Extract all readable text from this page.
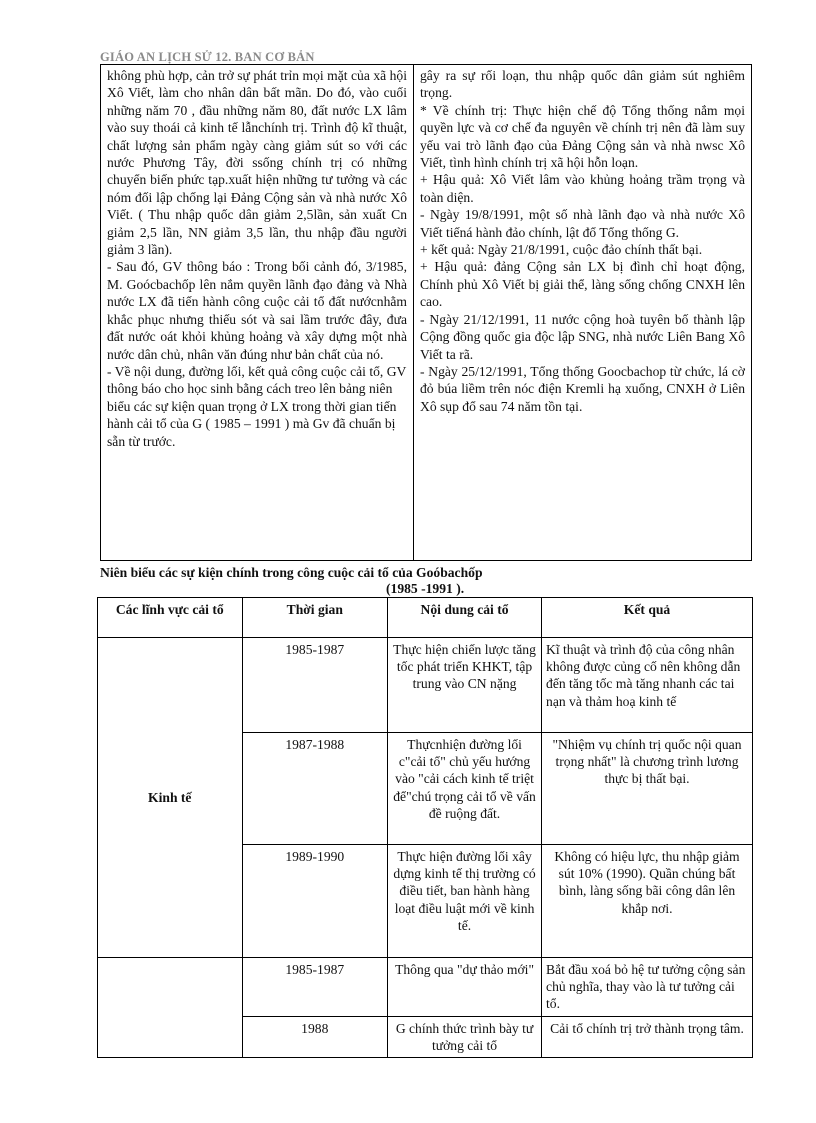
GIÁO AN LỊCH SỬ 12. BAN CƠ BẢN

không phù hợp, cản trở sự phát trỉn mọi mặt của xã hội Xô Viết, làm cho nhân dân bất mãn. Do đó, vào cuối những năm 70 , đầu những năm 80, đất nước LX lâm vào suy thoái cả kinh tế lẫnchính trị. Trình độ kĩ thuật, chất lượng sản phẩm ngày càng giảm sút so với các nước Phương Tây, đời ssống chính trị có những chuyển biến phức tạp.xuất hiện những tư tưởng và các nóm đối lập chống lại Đảng Cộng sản và nhà nước Xô Viết. ( Thu nhập quốc dân giảm 2,5lần, sản xuất Cn giảm 2,5 lần, NN giảm 3,5 lần, thu nhập đầu người giảm 3 lần).

- Sau đó, GV thông báo : Trong bối cảnh đó, 3/1985, M. Goócbachốp lên nắm quyền lãnh đạo đảng và Nhà nước LX đã tiến hành công cuộc cải tổ đất nướcnhằm khắc phục nhưng thiếu sót và sai lầm trước đây, đưa đất nước oát khỏi khủng hoảng và xây dựng một nhà nước dân chủ, nhân văn đúng như bản chất của nó.

- Về nội dung, đường lối, kết quả công cuộc cải tổ, GV thông báo cho học sinh bằng cách treo lên bảng niên biểu các sự kiện quan trọng ở LX trong thời gian tiến hành cải tổ của G ( 1985 – 1991 ) mà Gv đã chuẩn bị sẵn từ trước.

gây ra sự rối loạn, thu nhập quốc dân giảm sút nghiêm trọng.

* Về chính trị: Thực hiện chế độ Tổng thống nắm mọi quyền lực và cơ chế đa nguyên về chính trị nên đã làm suy yếu vai trò lãnh đạo của Đảng Cộng sản và nhà nwsc Xô Viết, tình hình chính trị xã hội hỗn loạn.

+ Hậu quả: Xô Viết lâm vào khủng hoảng trầm trọng và toàn diện.

- Ngày 19/8/1991, một số nhà lãnh đạo và nhà nước Xô Viết tiếná hành đảo chính, lật đổ Tổng thống G.

+ kết quả: Ngày 21/8/1991, cuộc đảo chính thất bại.

+ Hậu quả: đảng Cộng sản LX bị đình chỉ hoạt động, Chính phủ Xô Viết bị giải thể, làng sống chống CNXH lên cao.

- Ngày 21/12/1991, 11 nước cộng hoà tuyên bố thành lập Cộng đồng quốc gia độc lập SNG, nhà nước Liên Bang Xô Viết ta rã.

- Ngày 25/12/1991, Tổng thống Goocbachop từ chức, lá cờ đỏ búa liềm trên nóc điện Kremli hạ xuống, CNXH ở Liên Xô sụp đổ sau 74 năm tồn tại.

Niên biểu các sự kiện chính trong công cuộc cải tổ của Goóbachốp
(1985 -1991 ).
Các lĩnh vực cải tổ	Thời gian	Nội dung cải tổ	Kết quả
Kinh tế	1985-1987	Thực hiện chiến lược tăng tốc phát triển KHKT, tập trung vào CN nặng	Kĩ thuật và trình độ của công nhân không được củng cố nên không dẫn đến tăng tốc mà tăng nhanh các tai nạn và thảm hoạ kinh tế
	1987-1988	Thựcnhiện đường lối c"cải tổ" chủ yếu hướng vào "cải cách kinh tế triệt để"chú trọng cải tổ về vấn đề ruộng đất.	"Nhiệm vụ chính trị quốc nội quan trọng nhất" là chương trình lương thực bị thất bại.
	1989-1990	Thực hiện đường lối xây dựng kinh tế thị trường có điều tiết, ban hành hàng loạt điều luật mới về kinh tế.	Không có hiệu lực, thu nhập giảm sút 10% (1990). Quần chúng bất bình, làng sống bãi công dân lên khắp nơi.
	1985-1987	Thông qua "dự thảo mới"	Bắt đầu xoá bỏ hệ tư tưởng cộng sản chủ nghĩa, thay vào là tư tưởng cải tổ.
	1988	G chính thức trình bày tư tưởng cải tổ	Cải tổ chính trị trở thành trọng tâm.
